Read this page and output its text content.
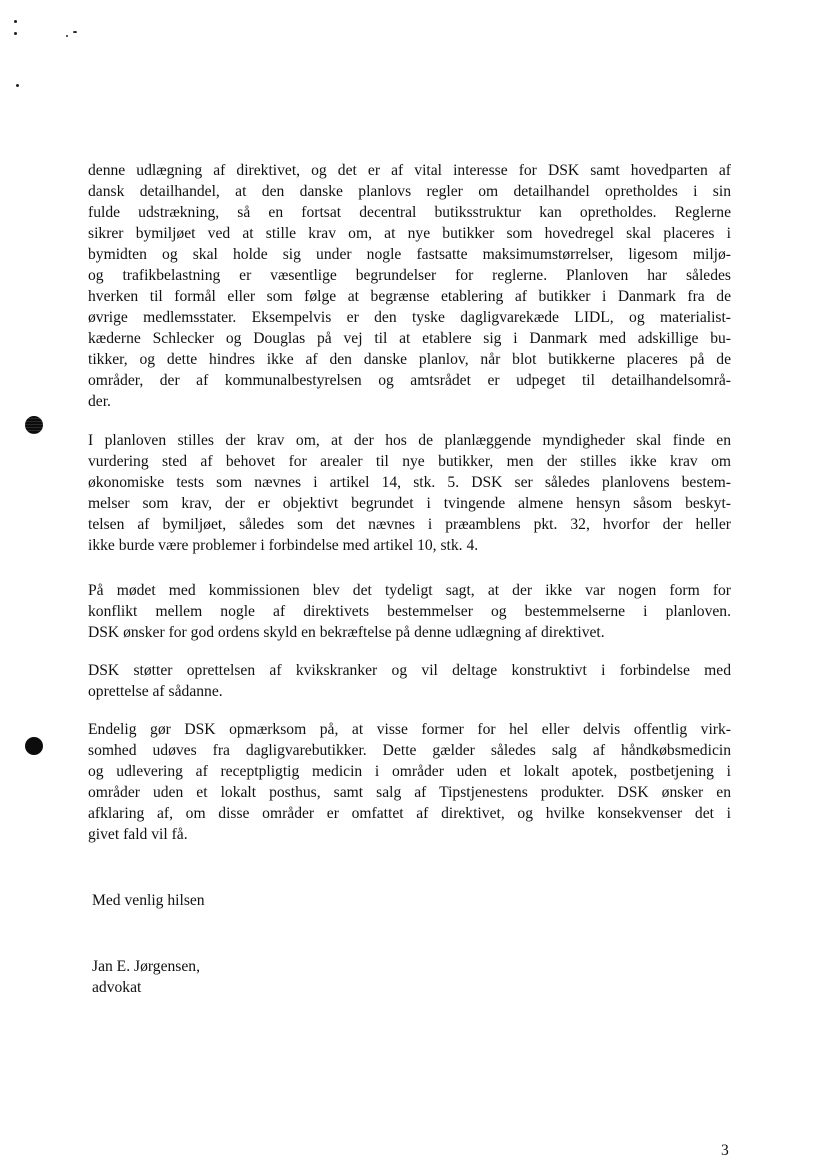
denne udlægning af direktivet, og det er af vital interesse for DSK samt hovedparten af
dansk detailhandel, at den danske planlovs regler om detailhandel opretholdes i sin
fulde udstrækning, så en fortsat decentral butiksstruktur kan opretholdes. Reglerne
sikrer bymiljøet ved at stille krav om, at nye butikker som hovedregel skal placeres i
bymidten og skal holde sig under nogle fastsatte maksimumstørrelser, ligesom miljø-
og trafikbelastning er væsentlige begrundelser for reglerne. Planloven har således
hverken til formål eller som følge at begrænse etablering af butikker i Danmark fra de
øvrige medlemsstater. Eksempelvis er den tyske dagligvarekæde LIDL, og materialist-
kæderne Schlecker og Douglas på vej til at etablere sig i Danmark med adskillige bu-
tikker, og dette hindres ikke af den danske planlov, når blot butikkerne placeres på de
områder, der af kommunalbestyrelsen og amtsrådet er udpeget til detailhandelsområ-
der.
I planloven stilles der krav om, at der hos de planlæggende myndigheder skal finde en
vurdering sted af behovet for arealer til nye butikker, men der stilles ikke krav om
økonomiske tests som nævnes i artikel 14, stk. 5. DSK ser således planlovens bestem-
melser som krav, der er objektivt begrundet i tvingende almene hensyn såsom beskyt-
telsen af bymiljøet, således som det nævnes i præamblens pkt. 32, hvorfor der heller
ikke burde være problemer i forbindelse med artikel 10, stk. 4.
På mødet med kommissionen blev det tydeligt sagt, at der ikke var nogen form for
konflikt mellem nogle af direktivets bestemmelser og bestemmelserne i planloven.
DSK ønsker for god ordens skyld en bekræftelse på denne udlægning af direktivet.
DSK støtter oprettelsen af kvikskranker og vil deltage konstruktivt i forbindelse med
oprettelse af sådanne.
Endelig gør DSK opmærksom på, at visse former for hel eller delvis offentlig virk-
somhed udøves fra dagligvarebutikker. Dette gælder således salg af håndkøbsmedicin
og udlevering af receptpligtig medicin i områder uden et lokalt apotek, postbetjening i
områder uden et lokalt posthus, samt salg af Tipstjenestens produkter. DSK ønsker en
afklaring af, om disse områder er omfattet af direktivet, og hvilke konsekvenser det i
givet fald vil få.
Med venlig hilsen
Jan E. Jørgensen,
advokat

3
